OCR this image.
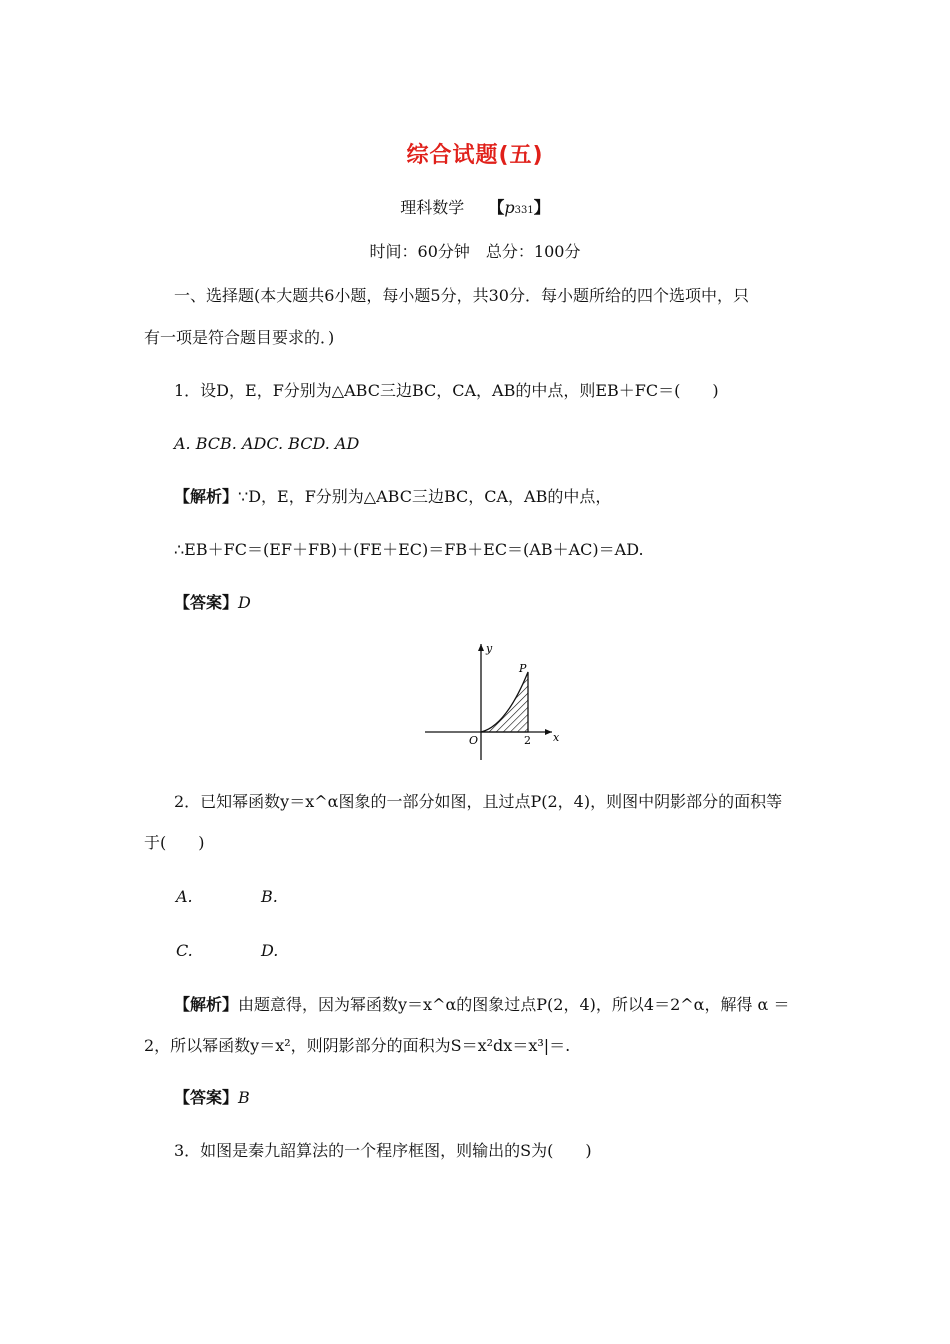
综合试题(五)
理科数学　　 【p331】
时间：60分钟　总分：100分
一、选择题(本大题共6小题，每小题5分，共30分．每小题所给的四个选项中，只
有一项是符合题目要求的．)
1．设D，E，F分别为△ABC三边BC，CA，AB的中点，则EB＋FC＝(　　)
A. BCB. ADC. BCD. AD
【解析】∵D，E，F分别为△ABC三边BC，CA，AB的中点，
∴EB＋FC＝(EF＋FB)＋(FE＋EC)＝FB＋EC＝(AB＋AC)＝AD.
【答案】D
y
x
O
P
2
2．已知幂函数y＝x^α图象的一部分如图，且过点P(2，4)，则图中阴影部分的面积等
于(　　)
A.	B.
C.	D.
【解析】由题意得，因为幂函数y＝x^α的图象过点P(2，4)，所以4＝2^α，解得 α ＝
2，所以幂函数y＝x²，则阴影部分的面积为S＝x²dx＝x³|＝.
【答案】B
3．如图是秦九韶算法的一个程序框图，则输出的S为(　　)
